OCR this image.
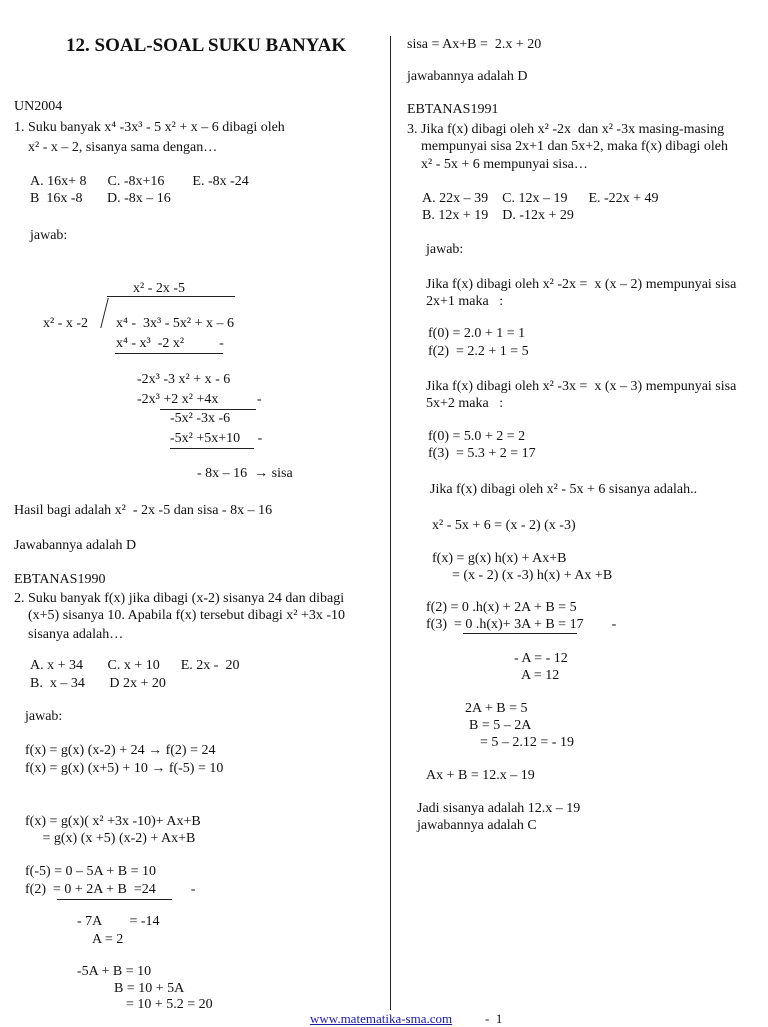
12. SOAL-SOAL SUKU BANYAK
UN2004
1. Suku banyak x⁴ -3x³ - 5 x² + x – 6 dibagi oleh
x² - x – 2, sisanya sama dengan…
A. 16x+ 8      C. -8x+16        E. -8x -24
B  16x -8       D. -8x – 16
jawab:
x² - 2x -5
x² - x -2 x⁴ -  3x³ - 5x² + x – 6
x⁴ - x³  -2 x²          -
-2x³ -3 x² + x - 6
-2x³ +2 x² +4x           -
-5x² -3x -6
-5x² +5x+10     -
- 8x – 16  → sisa
Hasil bagi adalah x²  - 2x -5 dan sisa - 8x – 16
Jawabannya adalah D
EBTANAS1990
2. Suku banyak f(x) jika dibagi (x-2) sisanya 24 dan dibagi
(x+5) sisanya 10. Apabila f(x) tersebut dibagi x² +3x -10
sisanya adalah…
A. x + 34       C. x + 10      E. 2x -  20
B.  x – 34       D 2x + 20
jawab:
f(x) = g(x) (x-2) + 24 → f(2) = 24
f(x) = g(x) (x+5) + 10 → f(-5) = 10
f(x) = g(x)( x² +3x -10)+ Ax+B
= g(x) (x +5) (x-2) + Ax+B
f(-5) = 0 – 5A + B = 10
f(2)  = 0 + 2A + B  =24          -
- 7A        = -14
A = 2
-5A + B = 10
B = 10 + 5A
= 10 + 5.2 = 20
sisa = Ax+B =  2.x + 20
jawabannya adalah D
EBTANAS1991
3. Jika f(x) dibagi oleh x² -2x  dan x² -3x masing-masing
mempunyai sisa 2x+1 dan 5x+2, maka f(x) dibagi oleh
x² - 5x + 6 mempunyai sisa…
A. 22x – 39    C. 12x – 19      E. -22x + 49
B. 12x + 19    D. -12x + 29
jawab:
Jika f(x) dibagi oleh x² -2x =  x (x – 2) mempunyai sisa
2x+1 maka   :
f(0) = 2.0 + 1 = 1
f(2)  = 2.2 + 1 = 5
Jika f(x) dibagi oleh x² -3x =  x (x – 3) mempunyai sisa
5x+2 maka   :
f(0) = 5.0 + 2 = 2
f(3)  = 5.3 + 2 = 17
Jika f(x) dibagi oleh x² - 5x + 6 sisanya adalah..
x² - 5x + 6 = (x - 2) (x -3)
f(x) = g(x) h(x) + Ax+B
= (x - 2) (x -3) h(x) + Ax +B
f(2) = 0 .h(x) + 2A + B = 5
f(3)  = 0 .h(x)+ 3A + B = 17        -
- A = - 12
A = 12
2A + B = 5
B = 5 – 2A
= 5 – 2.12 = - 19
Ax + B = 12.x – 19
Jadi sisanya adalah 12.x – 19
jawabannya adalah C
www.matematika-sma.com	-  1
